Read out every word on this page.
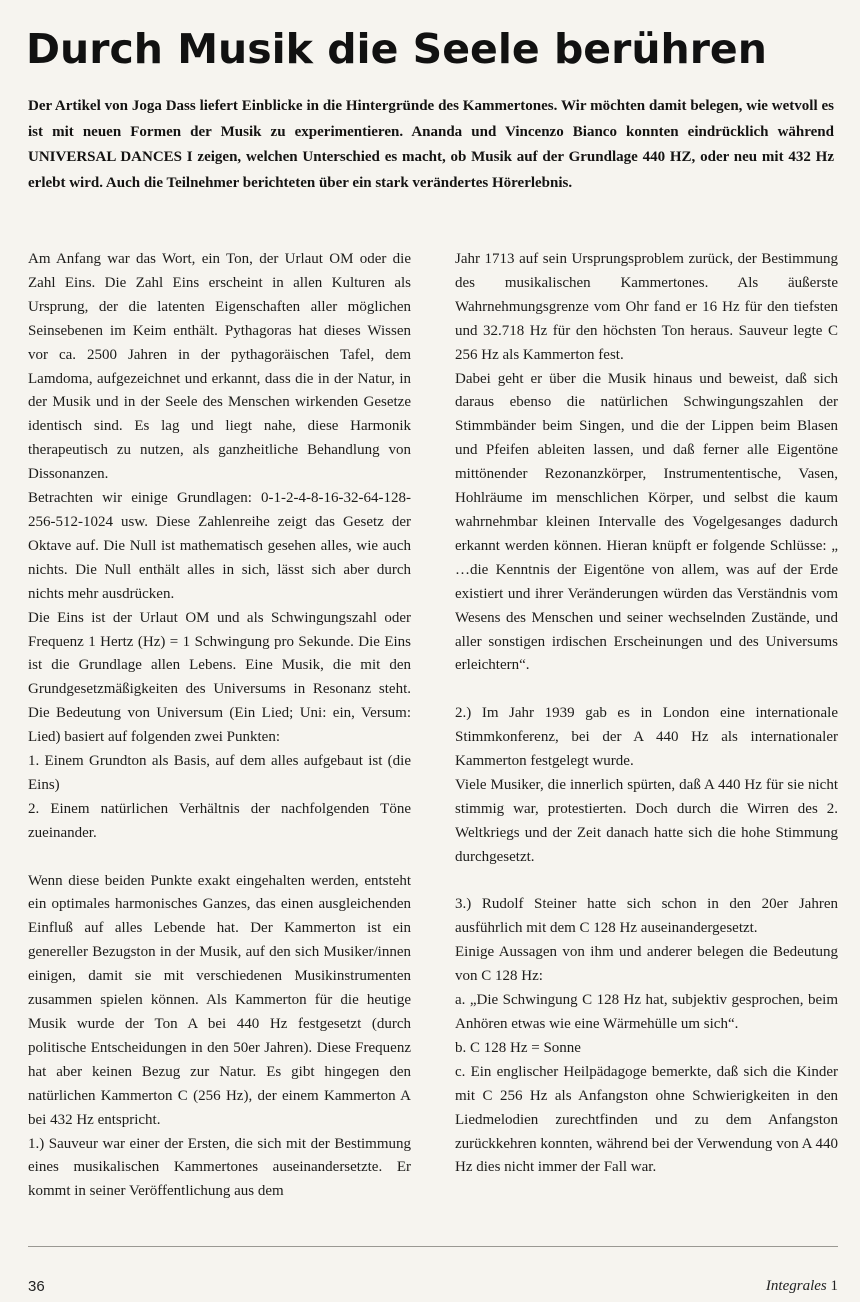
Durch Musik die Seele berühren

Der Artikel von Joga Dass liefert Einblicke in die Hintergründe des Kammertones. Wir möchten damit belegen, wie wetvoll es ist mit neuen Formen der Musik zu experimentieren. Ananda und Vincenzo Bianco konnten eindrücklich während UNIVERSAL DANCES I zeigen, welchen Unterschied es macht, ob Musik auf der Grundlage 440 HZ, oder neu mit 432 Hz erlebt wird. Auch die Teilnehmer berichteten über ein stark verändertes Hörerlebnis.

Am Anfang war das Wort, ein Ton, der Urlaut OM oder die Zahl Eins. Die Zahl Eins erscheint in allen Kulturen als Ursprung, der die latenten Eigenschaften aller möglichen Seinsebenen im Keim enthält. Pythagoras hat dieses Wissen vor ca. 2500 Jahren in der pythagoräischen Tafel, dem Lamdoma, aufgezeichnet und erkannt, dass die in der Natur, in der Musik und in der Seele des Menschen wirkenden Gesetze identisch sind. Es lag und liegt nahe, diese Harmonik therapeutisch zu nutzen, als ganzheitliche Behandlung von Dissonanzen.

Betrachten wir einige Grundlagen: 0-1-2-4-8-16-32-64-128-256-512-1024 usw. Diese Zahlenreihe zeigt das Gesetz der Oktave auf. Die Null ist mathematisch gesehen alles, wie auch nichts. Die Null enthält alles in sich, lässt sich aber durch nichts mehr ausdrücken.

Die Eins ist der Urlaut OM und als Schwingungszahl oder Frequenz 1 Hertz (Hz) = 1 Schwingung pro Sekunde. Die Eins ist die Grundlage allen Lebens. Eine Musik, die mit den Grundgesetzmäßigkeiten des Universums in Resonanz steht. Die Bedeutung von Universum (Ein Lied; Uni: ein, Versum: Lied) basiert auf folgenden zwei Punkten:

1. Einem Grundton als Basis, auf dem alles aufgebaut ist (die Eins)

2. Einem natürlichen Verhältnis der nachfolgenden Töne zueinander.

Wenn diese beiden Punkte exakt eingehalten werden, entsteht ein optimales harmonisches Ganzes, das einen ausgleichenden Einfluß auf alles Lebende hat. Der Kammerton ist ein genereller Bezugston in der Musik, auf den sich Musiker/innen einigen, damit sie mit verschiedenen Musikinstrumenten zusammen spielen können. Als Kammerton für die heutige Musik wurde der Ton A bei 440 Hz festgesetzt (durch politische Entscheidungen in den 50er Jahren). Diese Frequenz hat aber keinen Bezug zur Natur. Es gibt hingegen den natürlichen Kammerton C (256 Hz), der einem Kammerton A bei 432 Hz entspricht.

1.) Sauveur war einer der Ersten, die sich mit der Bestimmung eines musikalischen Kammertones auseinandersetzte. Er kommt in seiner Veröffentlichung aus dem

Jahr 1713 auf sein Ursprungsproblem zurück, der Bestimmung des musikalischen Kammertones. Als äußerste Wahrnehmungsgrenze vom Ohr fand er 16 Hz für den tiefsten und 32.718 Hz für den höchsten Ton heraus. Sauveur legte C 256 Hz als Kammerton fest.

Dabei geht er über die Musik hinaus und beweist, daß sich daraus ebenso die natürlichen Schwingungszahlen der Stimmbänder beim Singen, und die der Lippen beim Blasen und Pfeifen ableiten lassen, und daß ferner alle Eigentöne mittönender Rezonanzkörper, Instrumententische, Vasen, Hohlräume im menschlichen Körper, und selbst die kaum wahrnehmbar kleinen Intervalle des Vogelgesanges dadurch erkannt werden können. Hieran knüpft er folgende Schlüsse: „ …die Kenntnis der Eigentöne von allem, was auf der Erde existiert und ihrer Veränderungen würden das Verständnis vom Wesens des Menschen und seiner wechselnden Zustände, und aller sonstigen irdischen Erscheinungen und des Universums erleichtern“.

2.) Im Jahr 1939 gab es in London eine internationale Stimmkonferenz, bei der A 440 Hz als internationaler Kammerton festgelegt wurde.

Viele Musiker, die innerlich spürten, daß A 440 Hz für sie nicht stimmig war, protestierten. Doch durch die Wirren des 2. Weltkriegs und der Zeit danach hatte sich die hohe Stimmung durchgesetzt.

3.) Rudolf Steiner hatte sich schon in den 20er Jahren ausführlich mit dem C 128 Hz auseinandergesetzt.

Einige Aussagen von ihm und anderer belegen die Bedeutung von C 128 Hz:

a. „Die Schwingung C 128 Hz hat, subjektiv gesprochen, beim Anhören etwas wie eine Wärmehülle um sich“.

b. C 128 Hz = Sonne

c. Ein englischer Heilpädagoge bemerkte, daß sich die Kinder mit C 256 Hz als Anfangston ohne Schwierigkeiten in den Liedmelodien zurechtfinden und zu dem Anfangston zurückkehren konnten, während bei der Verwendung von A 440 Hz dies nicht immer der Fall war.

36	Integrales 1
